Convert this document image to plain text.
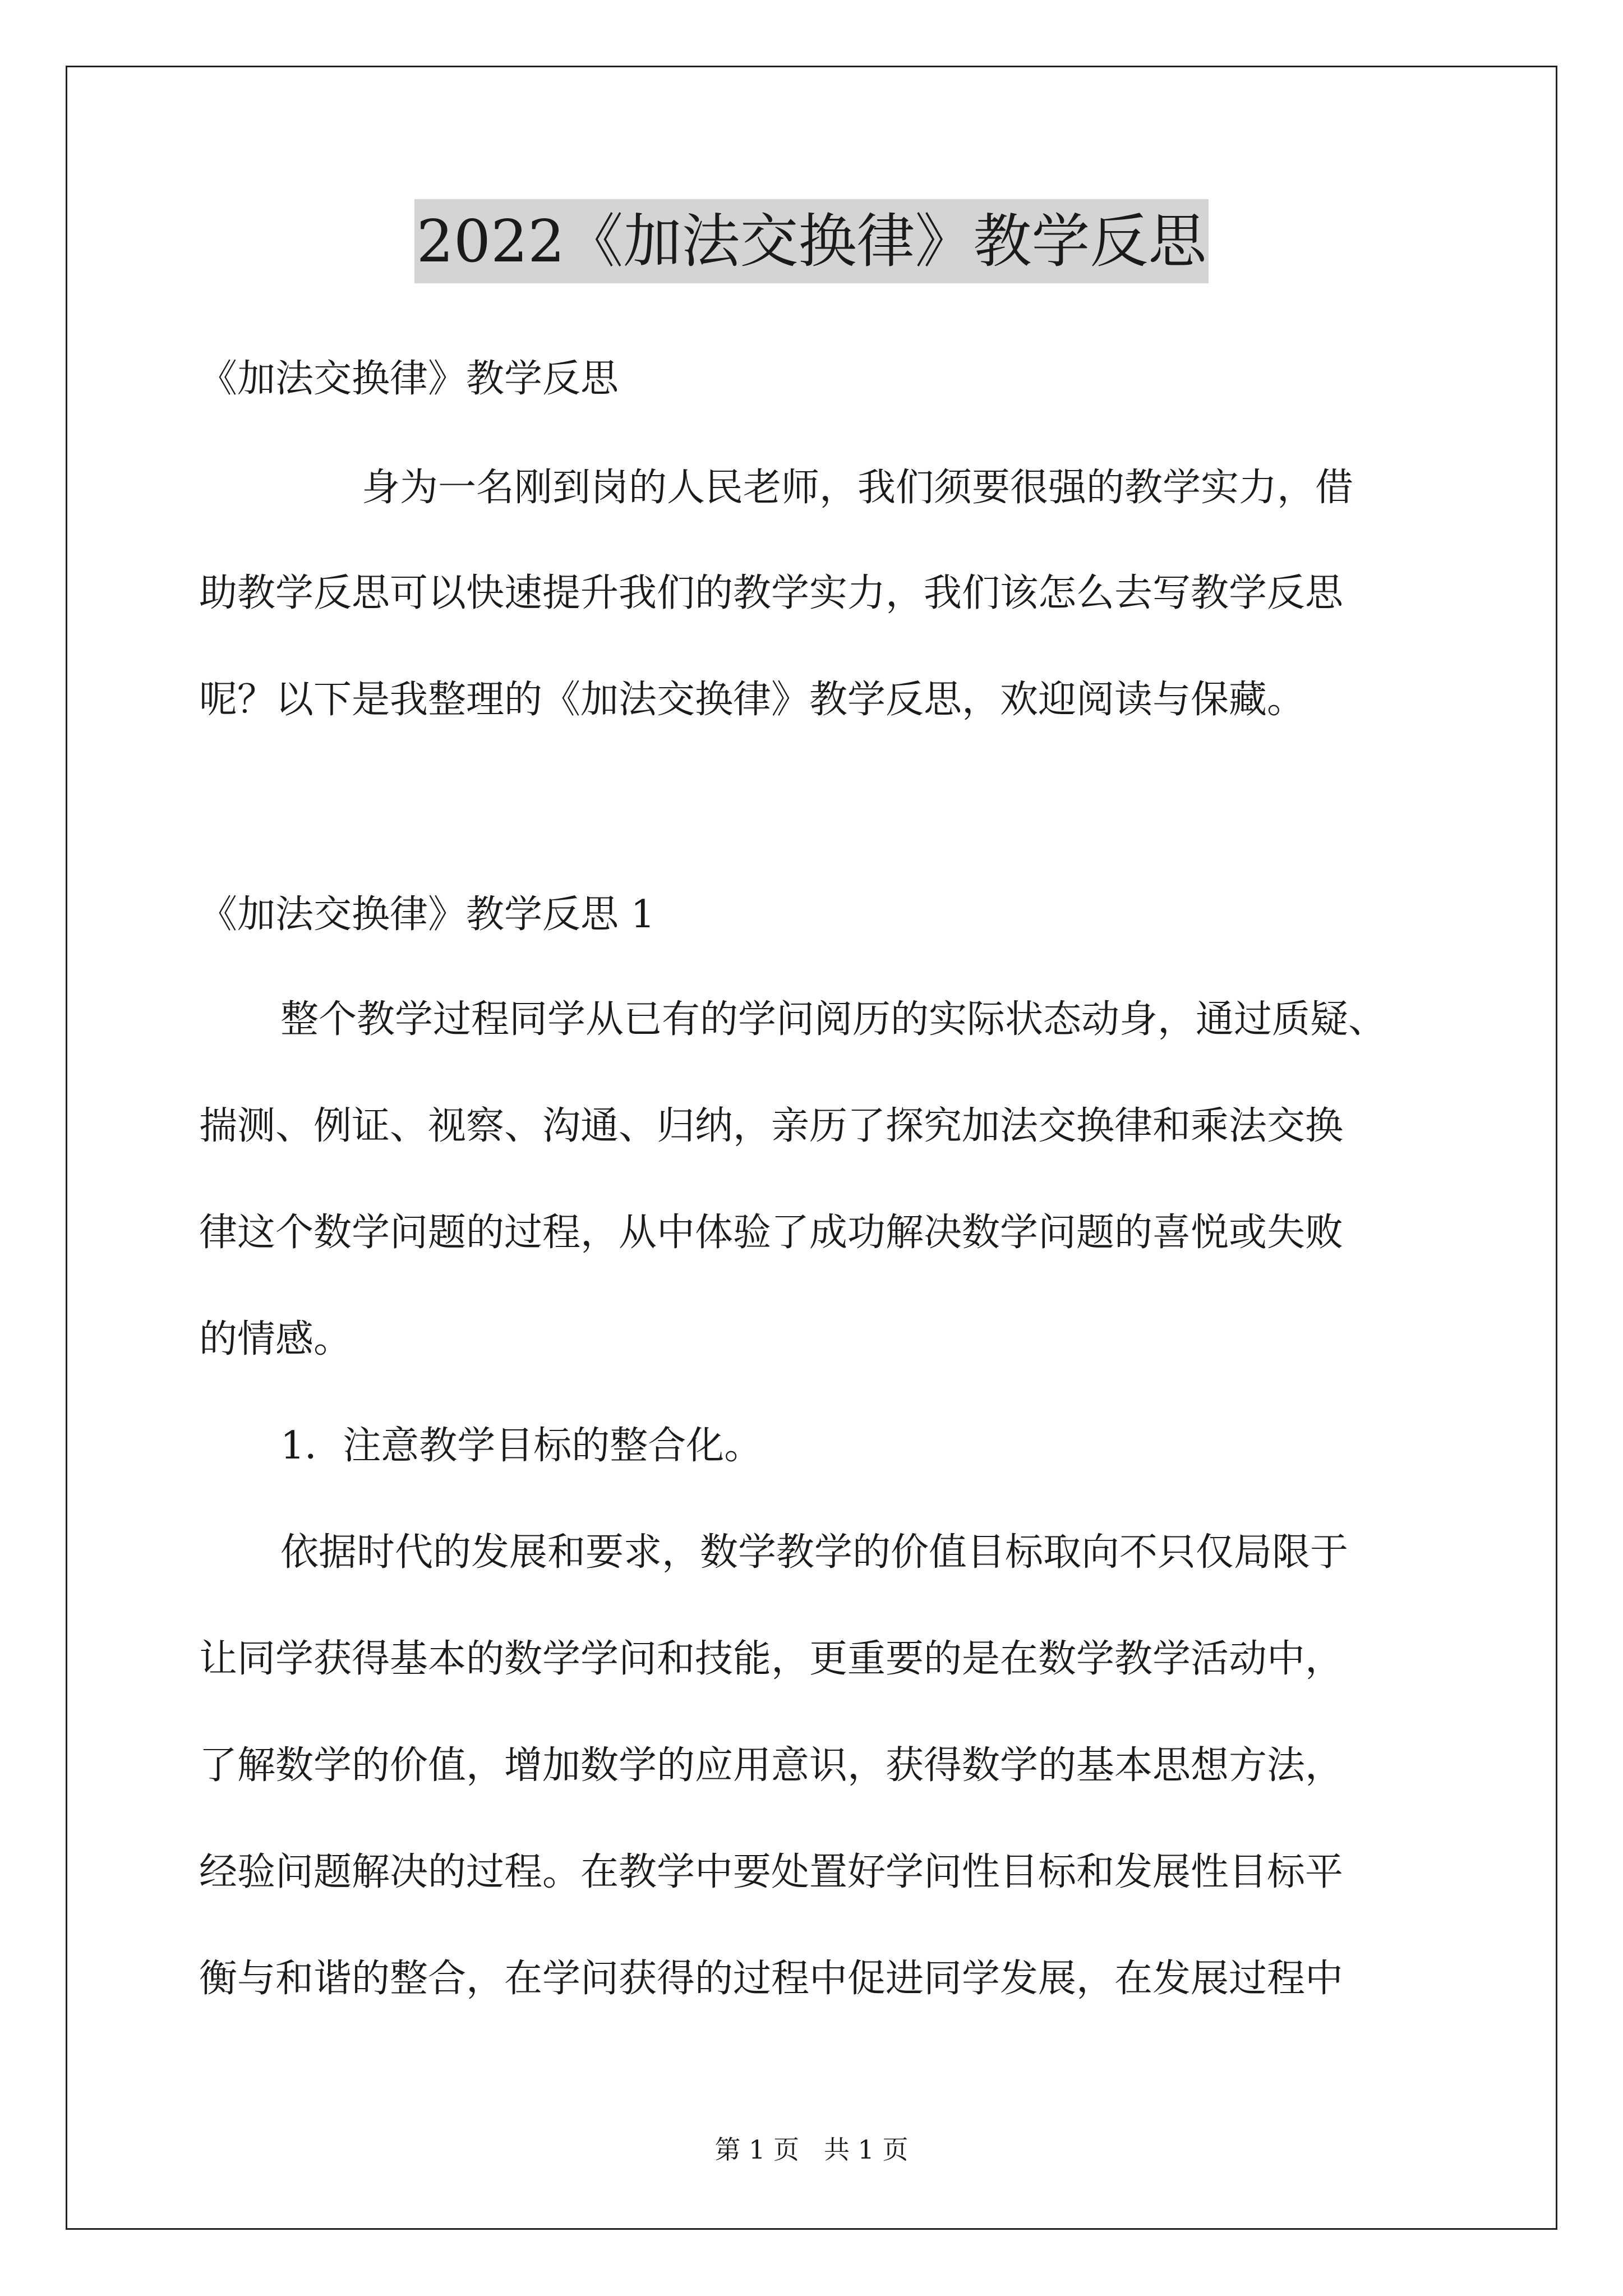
2022《加法交换律》教学反思
《加法交换律》教学反思
身为一名刚到岗的人民老师，我们须要很强的教学实力，借
助教学反思可以快速提升我们的教学实力，我们该怎么去写教学反思
呢？以下是我整理的《加法交换律》教学反思，欢迎阅读与保藏。
《加法交换律》教学反思 1
整个教学过程同学从已有的学问阅历的实际状态动身，通过质疑、
揣测、例证、视察、沟通、归纳，亲历了探究加法交换律和乘法交换
律这个数学问题的过程，从中体验了成功解决数学问题的喜悦或失败
的情感。
1．注意教学目标的整合化。
依据时代的发展和要求，数学教学的价值目标取向不只仅局限于
让同学获得基本的数学学问和技能，更重要的是在数学教学活动中，
了解数学的价值，增加数学的应用意识，获得数学的基本思想方法，
经验问题解决的过程。在教学中要处置好学问性目标和发展性目标平
衡与和谐的整合，在学问获得的过程中促进同学发展，在发展过程中
第 1 页 共 1 页
